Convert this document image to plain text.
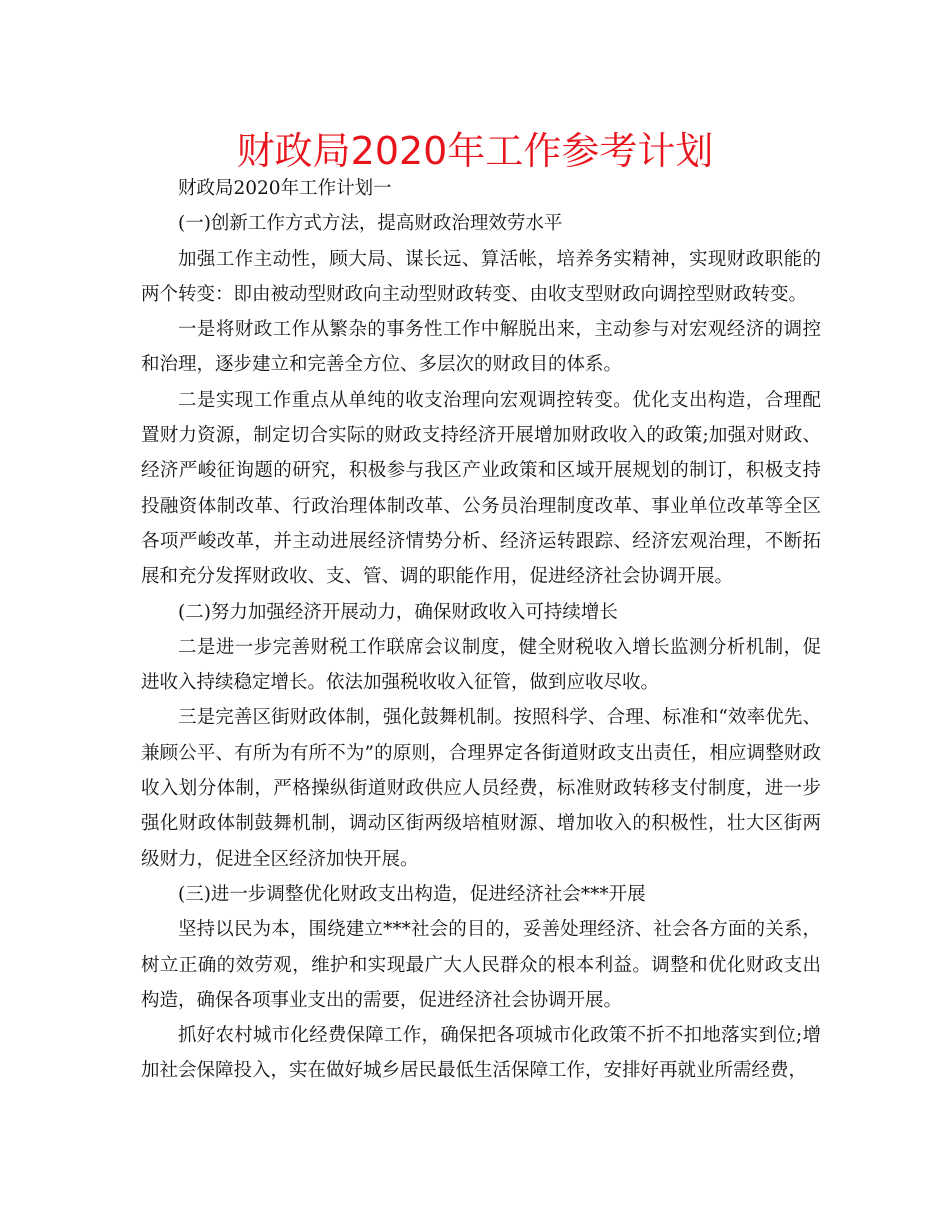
财政局2020年工作参考计划

财政局2020年工作计划一

(一)创新工作方式方法，提高财政治理效劳水平

加强工作主动性，顾大局、谋长远、算活帐，培养务实精神，实现财政职能的两个转变：即由被动型财政向主动型财政转变、由收支型财政向调控型财政转变。

一是将财政工作从繁杂的事务性工作中解脱出来，主动参与对宏观经济的调控和治理，逐步建立和完善全方位、多层次的财政目的体系。

二是实现工作重点从单纯的收支治理向宏观调控转变。优化支出构造，合理配置财力资源，制定切合实际的财政支持经济开展增加财政收入的政策;加强对财政、经济严峻征询题的研究，积极参与我区产业政策和区域开展规划的制订，积极支持投融资体制改革、行政治理体制改革、公务员治理制度改革、事业单位改革等全区各项严峻改革，并主动进展经济情势分析、经济运转跟踪、经济宏观治理，不断拓展和充分发挥财政收、支、管、调的职能作用，促进经济社会协调开展。

(二)努力加强经济开展动力，确保财政收入可持续增长

二是进一步完善财税工作联席会议制度，健全财税收入增长监测分析机制，促进收入持续稳定增长。依法加强税收收入征管，做到应收尽收。

三是完善区街财政体制，强化鼓舞机制。按照科学、合理、标准和“效率优先、兼顾公平、有所为有所不为”的原则，合理界定各街道财政支出责任，相应调整财政收入划分体制，严格操纵街道财政供应人员经费，标准财政转移支付制度，进一步强化财政体制鼓舞机制，调动区街两级培植财源、增加收入的积极性，壮大区街两级财力，促进全区经济加快开展。

(三)进一步调整优化财政支出构造，促进经济社会***开展

坚持以民为本，围绕建立***社会的目的，妥善处理经济、社会各方面的关系，树立正确的效劳观，维护和实现最广大人民群众的根本利益。调整和优化财政支出构造，确保各项事业支出的需要，促进经济社会协调开展。

抓好农村城市化经费保障工作，确保把各项城市化政策不折不扣地落实到位;增加社会保障投入，实在做好城乡居民最低生活保障工作，安排好再就业所需经费，
